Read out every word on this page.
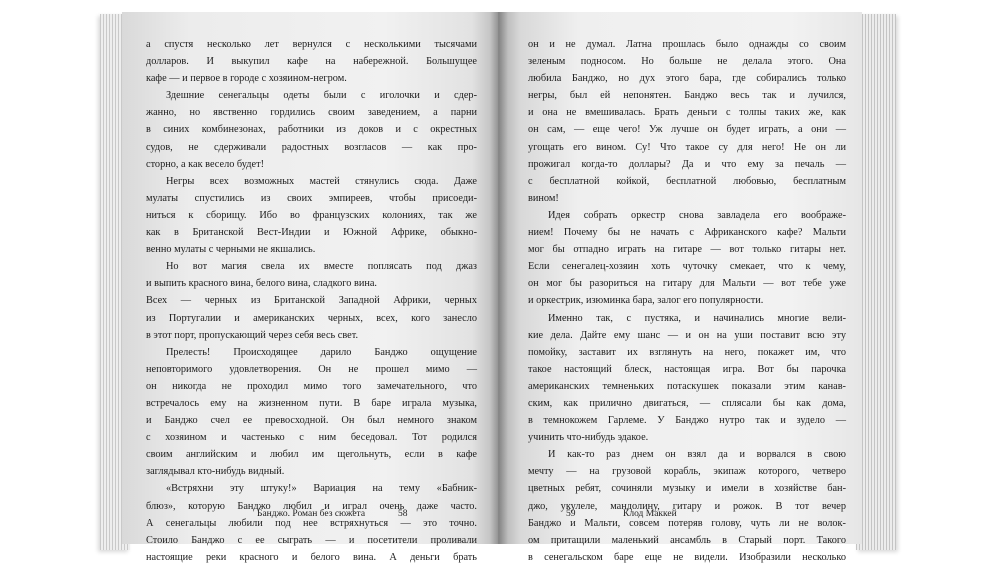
а спустя несколько лет вернулся с несколькими тысячами
долларов. И выкупил кафе на набережной. Большущее
кафе — и первое в городе с хозяином-негром.
Здешние сенегальцы одеты были с иголочки и сдер-
жанно, но явственно гордились своим заведением, а парни
в синих комбинезонах, работники из доков и с окрестных
судов, не сдерживали радостных возгласов — как про-
сторно, а как весело будет!
Негры всех возможных мастей стянулись сюда. Даже
мулаты спустились из своих эмпиреев, чтобы присоеди-
ниться к сборищу. Ибо во французских колониях, так же
как в Британской Вест-Индии и Южной Африке, обыкно-
венно мулаты с черными не якшались.
Но вот магия свела их вместе поплясать под джаз
и выпить красного вина, белого вина, сладкого вина.
Всех — черных из Британской Западной Африки, черных
из Португалии и американских черных, всех, кого занесло
в этот порт, пропускающий через себя весь свет.
Прелесть! Происходящее дарило Банджо ощущение
неповторимого удовлетворения. Он не прошел мимо —
он никогда не проходил мимо того замечательного, что
встречалось ему на жизненном пути. В баре играла музыка,
и Банджо счел ее превосходной. Он был немного знаком
с хозяином и частенько с ним беседовал. Тот родился
своим английским и любил им щегольнуть, если в кафе
заглядывал кто-нибудь видный.
«Встряхни эту штуку!» Вариация на тему «Бабник-
блюз», которую Банджо любил и играл очень даже часто.
А сенегальцы любили под нее встряхнуться — это точно.
Стоило Банджо с ее сыграть — и посетители проливали
настоящие реки красного и белого вина. А деньги брать
Банджо. Роман без сюжета	58
он и не думал. Латна прошлась было однажды со своим
зеленым подносом. Но больше не делала этого. Она
любила Банджо, но дух этого бара, где собирались только
негры, был ей непонятен. Банджо весь так и лучился,
и она не вмешивалась. Брать деньги с толпы таких же, как
он сам, — еще чего! Уж лучше он будет играть, а они —
угощать его вином. Су! Что такое су для него! Не он ли
прожигал когда-то доллары? Да и что ему за печаль —
с бесплатной койкой, бесплатной любовью, бесплатным
вином!
Идея собрать оркестр снова завладела его воображе-
нием! Почему бы не начать с Африканского кафе? Мальти
мог бы отпадно играть на гитаре — вот только гитары нет.
Если сенегалец-хозяин хоть чуточку смекает, что к чему,
он мог бы разориться на гитару для Мальти — вот тебе уже
и оркестрик, изюминка бара, залог его популярности.
Именно так, с пустяка, и начинались многие вели-
кие дела. Дайте ему шанс — и он на уши поставит всю эту
помойку, заставит их взглянуть на него, покажет им, что
такое настоящий блеск, настоящая игра. Вот бы парочка
американских темненьких потаскушек показали этим канав-
ским, как прилично двигаться, — сплясали бы как дома,
в темнокожем Гарлеме. У Банджо нутро так и зудело —
учинить что-нибудь эдакое.
И как-то раз днем он взял да и ворвался в свою
мечту — на грузовой корабль, экипаж которого, четверо
цветных ребят, сочиняли музыку и имели в хозяйстве бан-
джо, укулеле, мандолину, гитару и рожок. В тот вечер
Банджо и Мальти, совсем потеряв голову, чуть ли не волок-
ом притащили маленький ансамбль в Старый порт. Такого
в сенегальском баре еще не видели. Изобразили несколько
59	Клод Маккей
